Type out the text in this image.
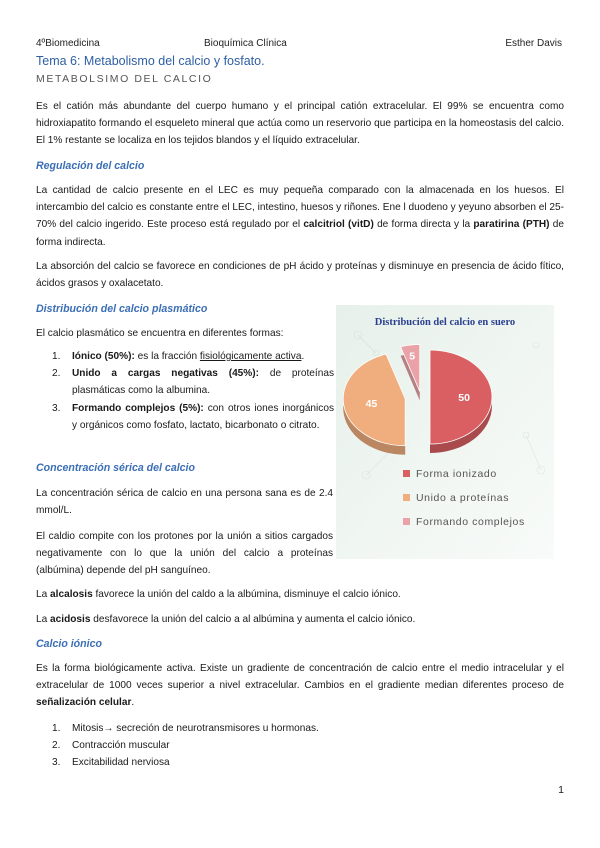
4ºBiomedicina	Bioquímica Clínica	Esther Davis
Tema 6: Metabolismo del calcio y fosfato.
METABOLSIMO DEL CALCIO

Es el catión más abundante del cuerpo humano y el principal catión extracelular. El 99% se encuentra como hidroxiapatito formando el esqueleto mineral que actúa como un reservorio que participa en la homeostasis del calcio. El 1% restante se localiza en los tejidos blandos y el líquido extracelular.

Regulación del calcio

La cantidad de calcio presente en el LEC es muy pequeña comparado con la almacenada en los huesos. El intercambio del calcio es constante entre el LEC, intestino, huesos y riñones. Ene l duodeno y yeyuno absorben el 25-70% del calcio ingerido. Este proceso está regulado por el calcitriol (vitD) de forma directa y la paratirina (PTH) de forma indirecta.

La absorción del calcio se favorece en condiciones de pH ácido y proteínas y disminuye en presencia de ácido fítico, ácidos grasos y oxalacetato.

Distribución del calcio plasmático

El calcio plasmático se encuentra en diferentes formas:

1. Iónico (50%): es la fracción fisiológicamente activa.
2. Unido a cargas negativas (45%): de proteínas plasmáticas como la albumina.
3. Formando complejos (5%): con otros iones inorgánicos y orgánicos como fosfato, lactato, bicarbonato o citrato.
Concentración sérica del calcio

La concentración sérica de calcio en una persona sana es de 2.4 mmol/L.

El caldio compite con los protones por la unión a sitios cargados negativamente con lo que la unión del calcio a proteínas (albúmina) depende del pH sanguíneo.

La alcalosis favorece la unión del caldo a la albúmina, disminuye el calcio iónico.

La acidosis desfavorece la unión del calcio a al albúmina y aumenta el calcio iónico.

Calcio iónico

Es la forma biológicamente activa. Existe un gradiente de concentración de calcio entre el medio intracelular y el extracelular de 1000 veces superior a nivel extracelular. Cambios en el gradiente median diferentes proceso de señalización celular.

1. Mitosis→ secreción de neurotransmisores u hormonas.
2. Contracción muscular
3. Excitabilidad nerviosa
Distribución del calcio en suero
50
45
5
Forma ionizado
Unido a proteínas
Formando complejos
1
